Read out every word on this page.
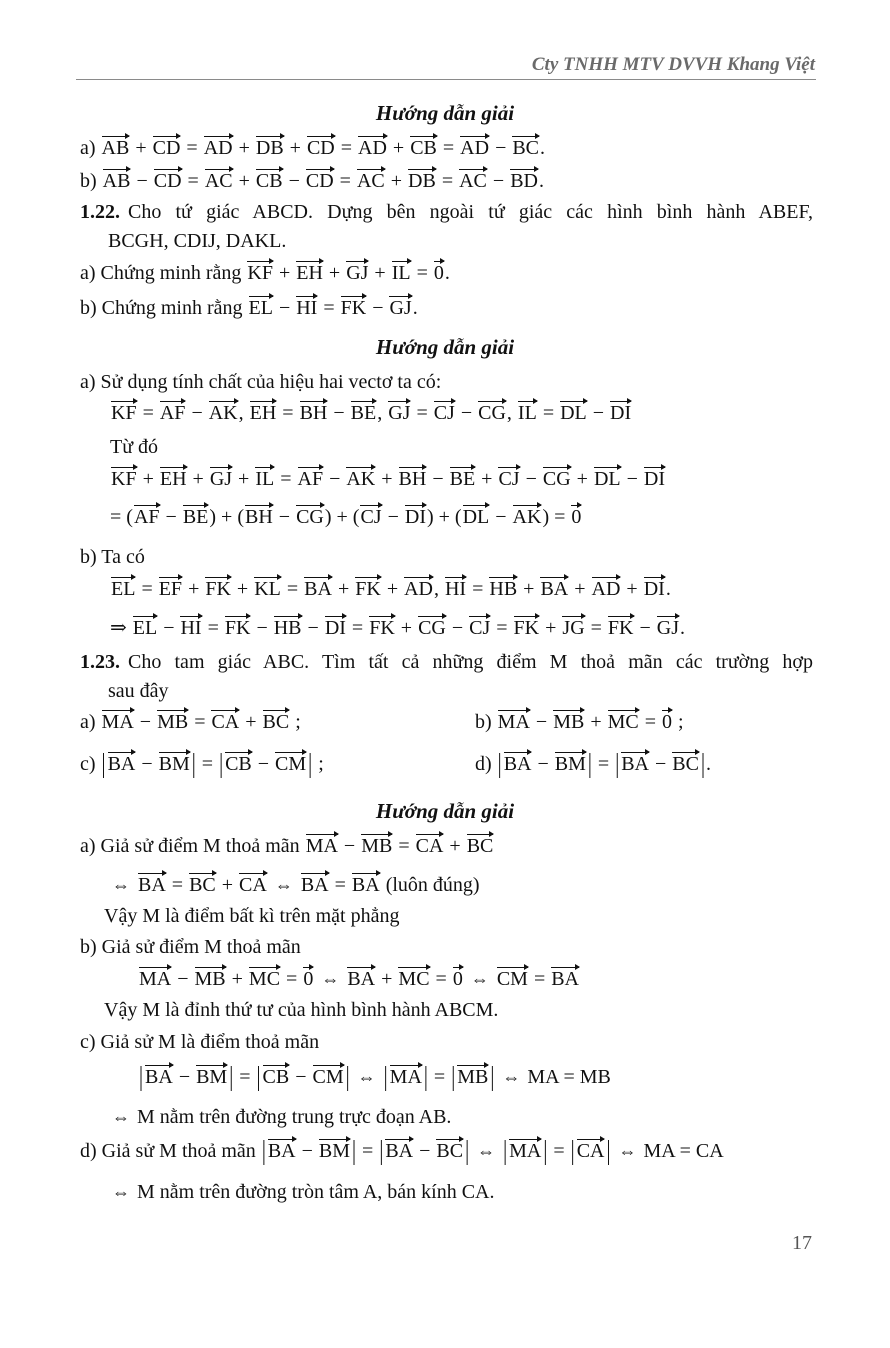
Cty TNHH MTV DVVH Khang Việt
Hướng dẫn giải
a) AB + CD = AD + DB + CD = AD + CB = AD − BC.
b) AB − CD = AC + CB − CD = AC + DB = AC − BD.
1.22. Cho tứ giác ABCD. Dựng bên ngoài tứ giác các hình bình hành ABEF,
BCGH, CDIJ, DAKL.
a) Chứng minh rằng KF + EH + GJ + IL = 0.
b) Chứng minh rằng EL − HI = FK − GJ.
Hướng dẫn giải
a) Sử dụng tính chất của hiệu hai vectơ ta có:
KF = AF − AK, EH = BH − BE, GJ = CJ − CG, IL = DL − DI
Từ đó
KF + EH + GJ + IL = AF − AK + BH − BE + CJ − CG + DL − DI
= (AF − BE) + (BH − CG) + (CJ − DI) + (DL − AK) = 0
b) Ta có
EL = EF + FK + KL = BA + FK + AD, HI = HB + BA + AD + DI.
⇒ EL − HI = FK − HB − DI = FK + CG − CJ = FK + JG = FK − GJ.
1.23. Cho tam giác ABC. Tìm tất cả những điểm M thoả mãn các trường hợp
sau đây
a) MA − MB = CA + BC ;	b) MA − MB + MC = 0 ;
c) | BA − BM | = | CB − CM | ;	d) | BA − BM | = | BA − BC |.
Hướng dẫn giải
a) Giả sử điểm M thoả mãn MA − MB = CA + BC
⇔ BA = BC + CA ⇔ BA = BA (luôn đúng)
Vậy M là điểm bất kì trên mặt phẳng
b) Giả sử điểm M thoả mãn
MA − MB + MC = 0 ⇔ BA + MC = 0 ⇔ CM = BA
Vậy M là đỉnh thứ tư của hình bình hành ABCM.
c) Giả sử M là điểm thoả mãn
| BA − BM | = | CB − CM | ⇔ | MA | = | MB | ⇔ MA = MB
⇔ M nằm trên đường trung trực đoạn AB.
d) Giả sử M thoả mãn | BA − BM | = | BA − BC | ⇔ | MA | = | CA | ⇔ MA = CA
⇔ M nằm trên đường tròn tâm A, bán kính CA.
17
